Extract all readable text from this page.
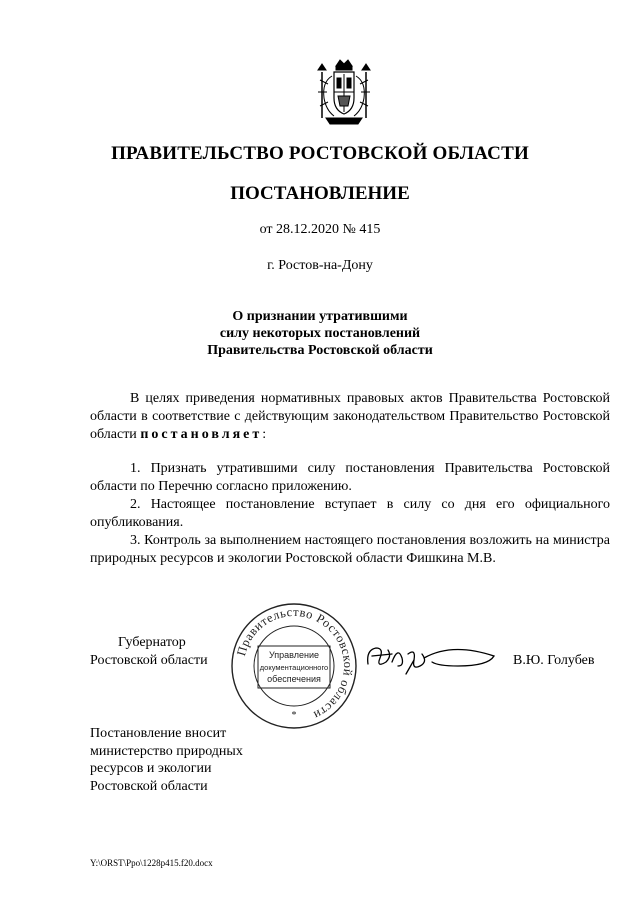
ПРАВИТЕЛЬСТВО РОСТОВСКОЙ ОБЛАСТИ
ПОСТАНОВЛЕНИЕ
от 28.12.2020 № 415
г. Ростов-на-Дону
О признании утратившими
силу некоторых постановлений
Правительства Ростовской области
В целях приведения нормативных правовых актов Правительства Ростовской области в соответствие с действующим законодательством Правительство Ростовской области постановляет:
1. Признать утратившими силу постановления Правительства Ростовской области по Перечню согласно приложению.
2. Настоящее постановление вступает в силу со дня его официального опубликования.
3. Контроль за выполнением настоящего постановления возложить на министра природных ресурсов и экологии Ростовской области Фишкина М.В.
Губернатор
Ростовской области	В.Ю. Голубев
Правительство Ростовской области
Управление
документационного
обеспечения
*
Постановление вносит
министерство природных
ресурсов и экологии
Ростовской области
Y:\ORST\Ppo\1228p415.f20.docx
